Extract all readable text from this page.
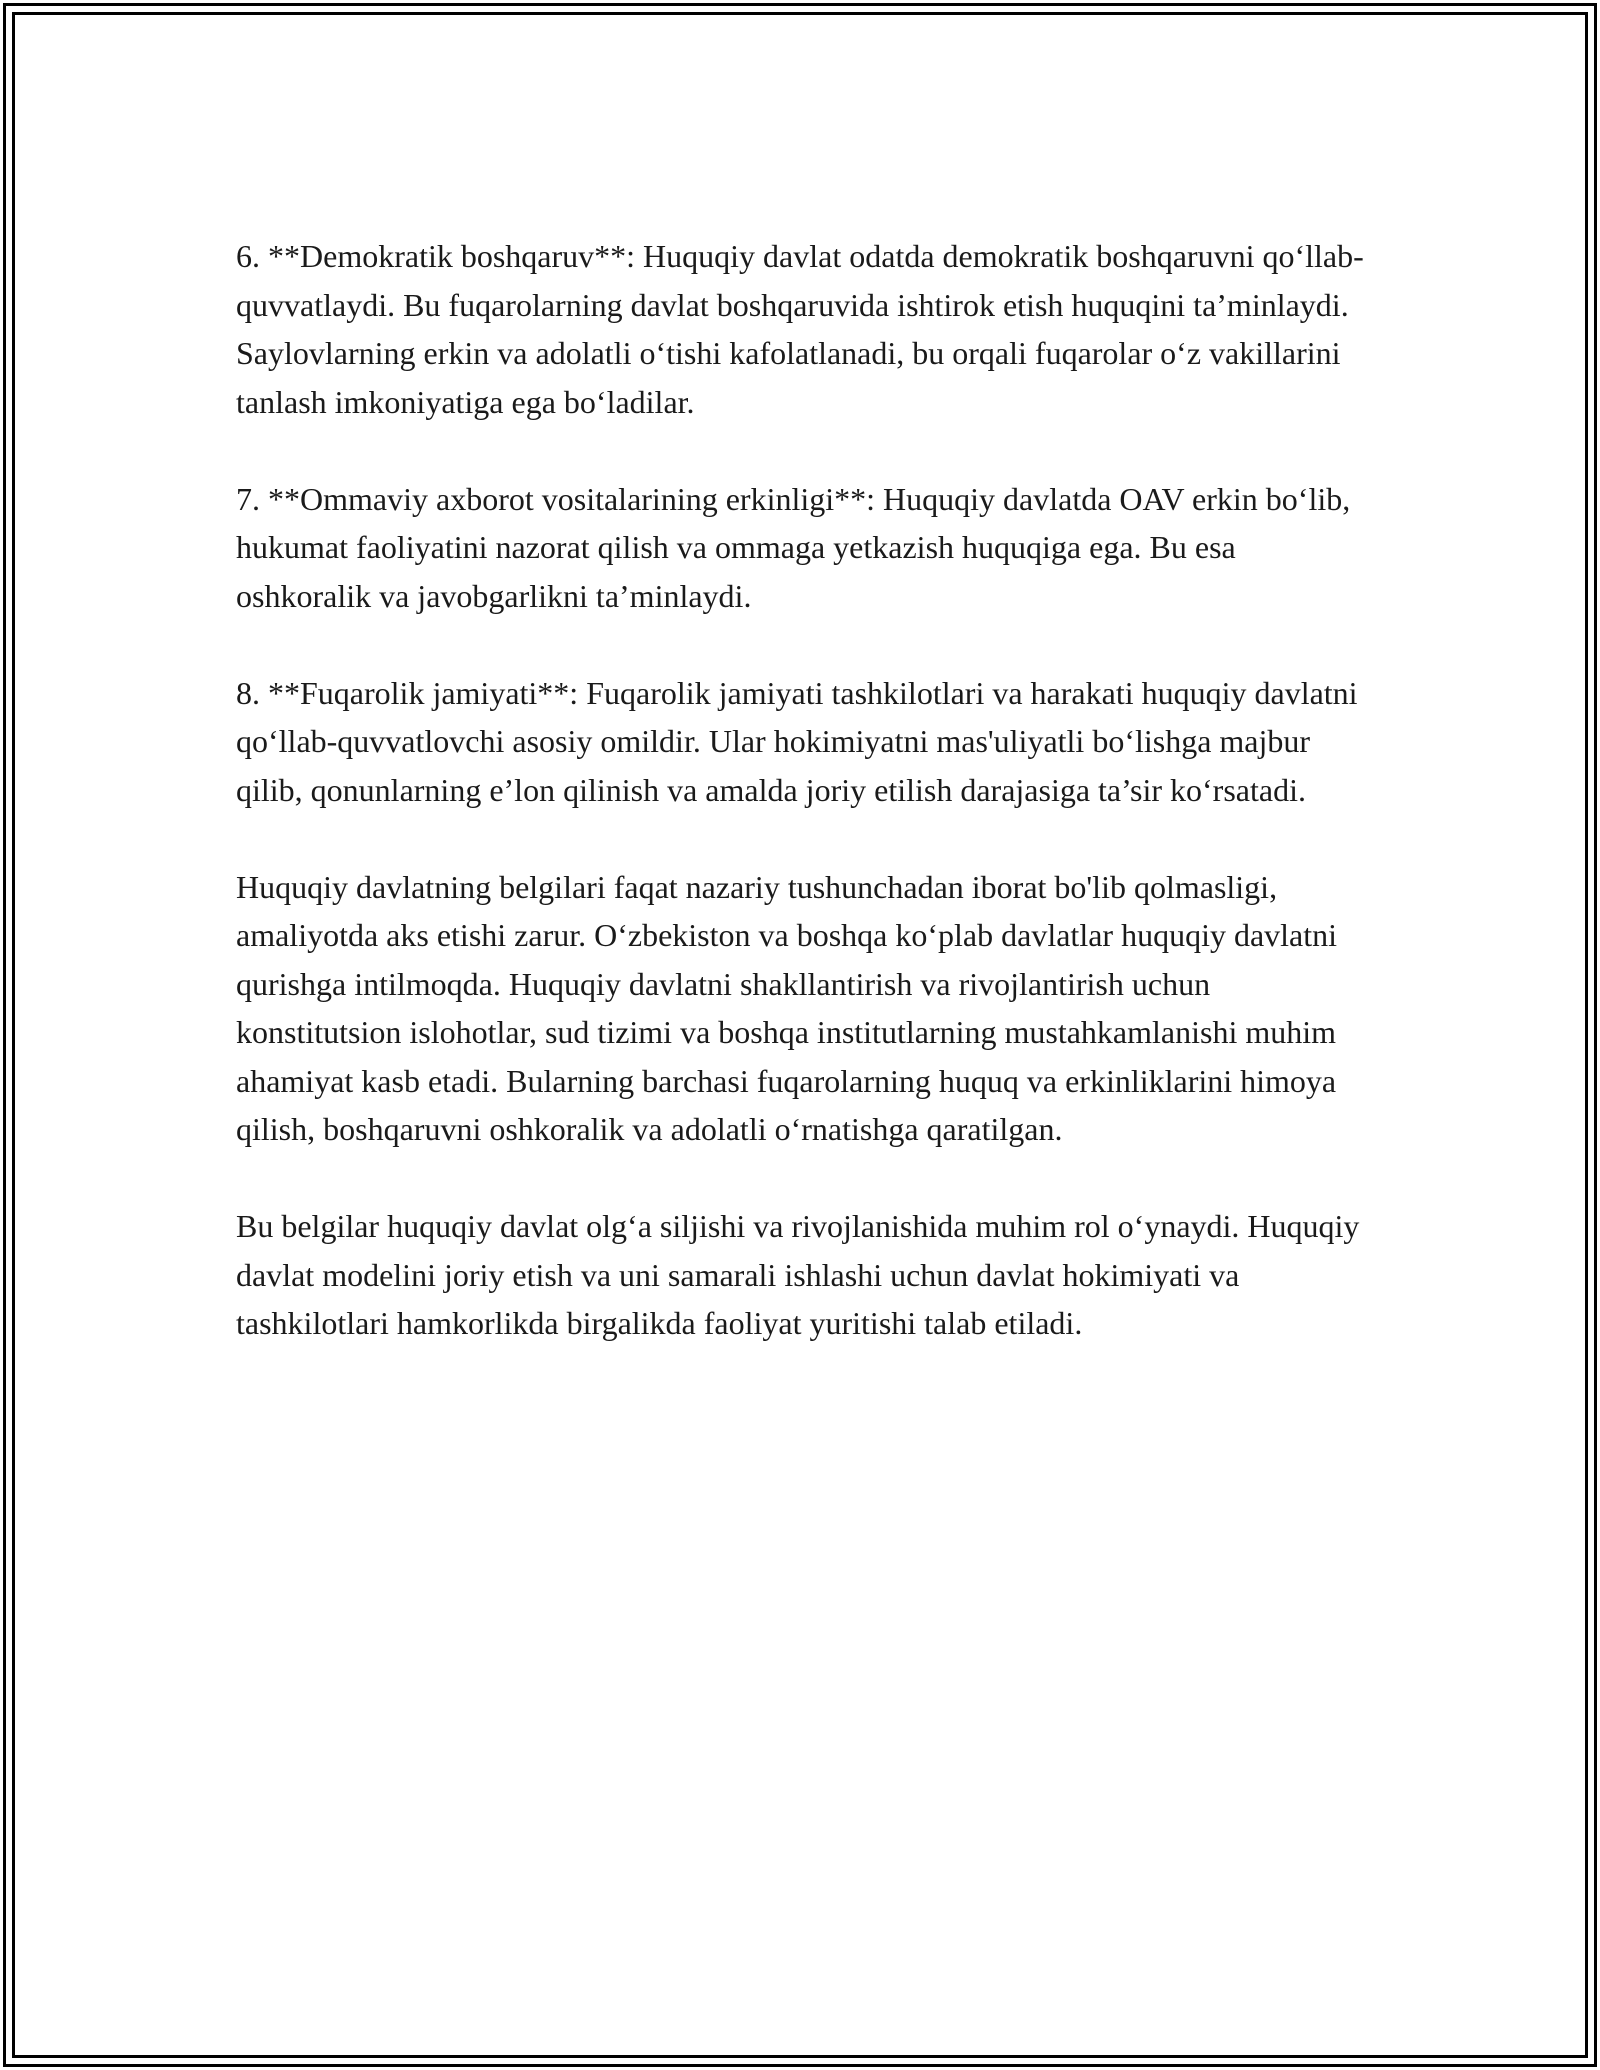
6. **Demokratik boshqaruv**: Huquqiy davlat odatda demokratik boshqaruvni qo‘llab-quvvatlaydi. Bu fuqarolarning davlat boshqaruvida ishtirok etish huquqini ta’minlaydi. Saylovlarning erkin va adolatli o‘tishi kafolatlanadi, bu orqali fuqarolar o‘z vakillarini tanlash imkoniyatiga ega bo‘ladilar.

7. **Ommaviy axborot vositalarining erkinligi**: Huquqiy davlatda OAV erkin bo‘lib, hukumat faoliyatini nazorat qilish va ommaga yetkazish huquqiga ega. Bu esa oshkoralik va javobgarlikni ta’minlaydi.

8. **Fuqarolik jamiyati**: Fuqarolik jamiyati tashkilotlari va harakati huquqiy davlatni qo‘llab-quvvatlovchi asosiy omildir. Ular hokimiyatni mas'uliyatli bo‘lishga majbur qilib, qonunlarning e’lon qilinish va amalda joriy etilish darajasiga ta’sir ko‘rsatadi.

Huquqiy davlatning belgilari faqat nazariy tushunchadan iborat bo'lib qolmasligi, amaliyotda aks etishi zarur. O‘zbekiston va boshqa ko‘plab davlatlar huquqiy davlatni qurishga intilmoqda. Huquqiy davlatni shakllantirish va rivojlantirish uchun konstitutsion islohotlar, sud tizimi va boshqa institutlarning mustahkamlanishi muhim ahamiyat kasb etadi. Bularning barchasi fuqarolarning huquq va erkinliklarini himoya qilish, boshqaruvni oshkoralik va adolatli o‘rnatishga qaratilgan.

Bu belgilar huquqiy davlat olg‘a siljishi va rivojlanishida muhim rol o‘ynaydi. Huquqiy davlat modelini joriy etish va uni samarali ishlashi uchun davlat hokimiyati va tashkilotlari hamkorlikda birgalikda faoliyat yuritishi talab etiladi.
